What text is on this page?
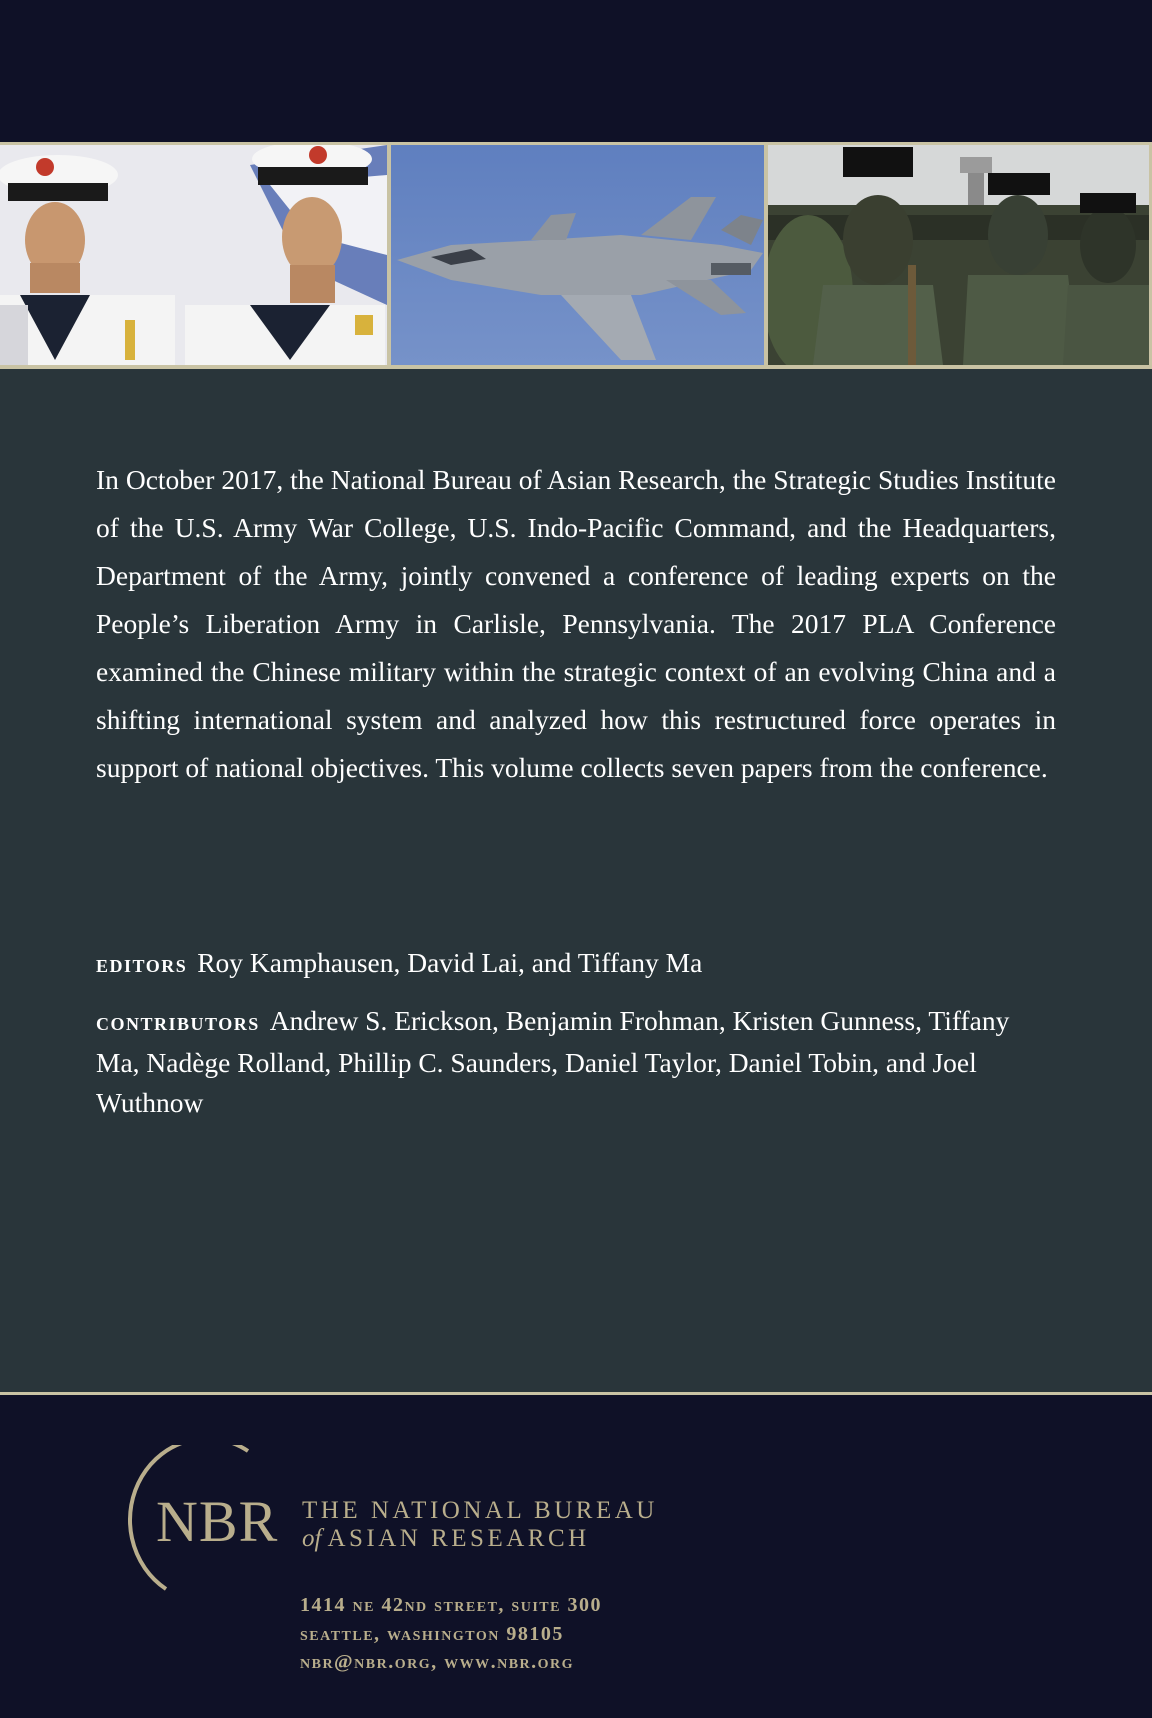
In October 2017, the National Bureau of Asian Research, the Strategic Studies Institute of the U.S. Army War College, U.S. Indo-Pacific Command, and the Headquarters, Department of the Army, jointly convened a conference of leading experts on the People’s Liberation Army in Carlisle, Pennsylvania. The 2017 PLA Conference examined the Chinese military within the strategic context of an evolving China and a shifting international system and analyzed how this restructured force operates in support of national objectives. This volume collects seven papers from the conference.

editors Roy Kamphausen, David Lai, and Tiffany Ma

contributors Andrew S. Erickson, Benjamin Frohman, Kristen Gunness, Tiffany Ma, Nadège Rolland, Phillip C. Saunders, Daniel Taylor, Daniel Tobin, and Joel Wuthnow

NBR THE NATIONAL BUREAU
of ASIAN RESEARCH
1414 ne 42nd street, suite 300
seattle, washington 98105
nbr@nbr.org, www.nbr.org
